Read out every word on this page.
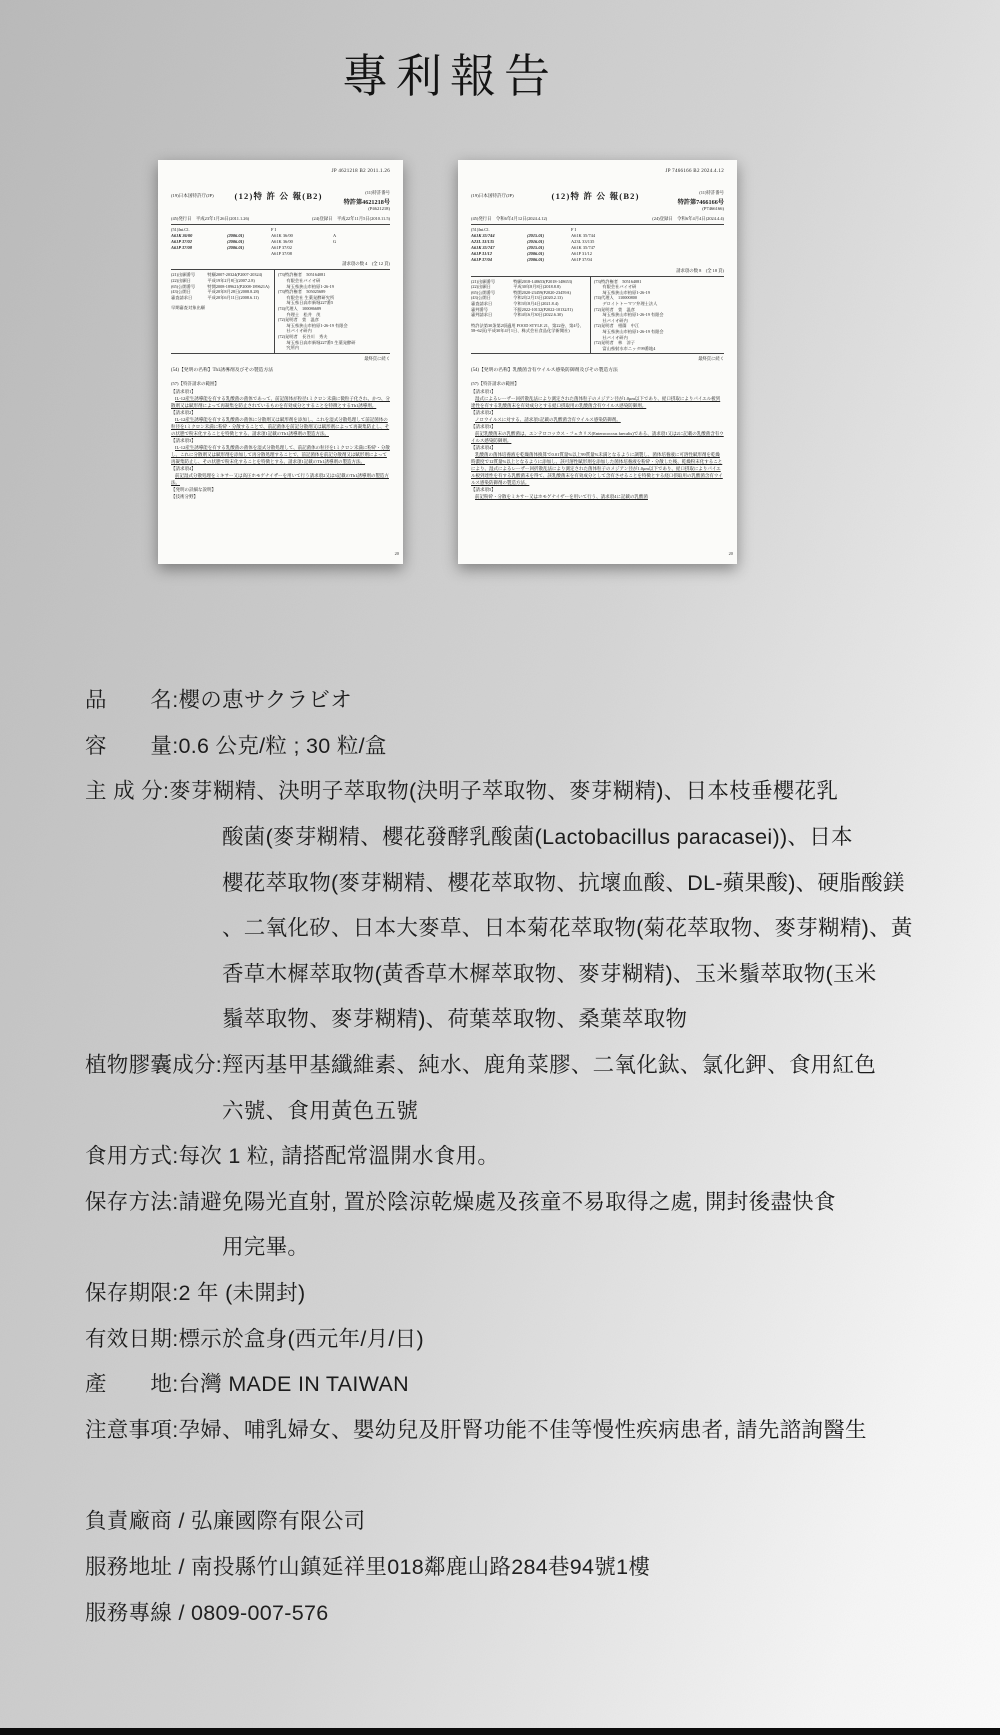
專利報告
JP 4621218 B2 2011.1.26
(19)日本国特許庁(JP) (12)特 許 公 報(B2)	(11)特許番号
特許第4621218号
(P4621218)
(45)発行日　平成23年1月26日(2011.1.26)	(24)登録日　平成22年11月5日(2010.11.5)
(51)Int.Cl.	F I
A61K 36/00	(2006.01)	A61K 36/00	A
A61P 37/02	(2006.01)	A61K 36/00	G
A61P 37/08	(2006.01)	A61P 37/02
A61P 37/08
請求項の数 4　(全 12 頁)
(21)出願番号	特願2007-20324(P2007-20324)
(22)出願日	平成19年2月8日(2007.2.8)
(65)公開番号	特開2008-189621(P2008-189621A)
(43)公開日	平成20年8月28日(2008.8.28)
審査請求日	平成20年6月11日(2008.6.11)
早期審査対象出願
(73)特許権者　505164081
　　有限会社バイオ研
　　埼玉県狭山市柏原1-26-19
(73)特許権者　505025689
　　有限会社 生薬発酵研究所
　　埼玉県日高市新堀227番5
(74)代理人　100086689
　　弁理士　松井　茂
(72)発明者　萱　温彦
　　埼玉県狭山市柏原1-26-19 有限会
　　社バイオ研内
(72)発明者　長谷川　秀夫
　　埼玉県日高市新堀227番5 生薬発酵研
　　究所内
最終頁に続く
(54)【発明の名称】Th1誘導剤及びその製造方法
(57)【特許請求の範囲】
【請求項1】
IL-12産生誘導能を有する乳酸菌の菌体であって、前記菌体が粒径1ミクロン未満に微粒子化され、かつ、分散剤又は賦形剤によって再凝集を防止されているものを有効成分とすることを特徴とするTh1誘導剤。
【請求項2】
IL-12産生誘導能を有する乳酸菌の菌体に分散剤又は賦形剤を添加し、これを湿式分散処理して前記菌体の粒径を1ミクロン未満に粉砕・分散することで、前記菌体を前記分散剤又は賦形剤によって再凝集防止し、その状態で粉末化することを特徴とする、請求項1記載のTh1誘導剤の製造方法。
【請求項3】
IL-12産生誘導能を有する乳酸菌の菌体を湿式分散処理して、前記菌体の粒径を1ミクロン未満に粉砕・分散し、これに分散剤又は賦形剤を添加して再分散処理することで、前記菌体を前記分散剤又は賦形剤によって再凝集防止し、その状態で粉末化することを特徴とする、請求項1記載のTh1誘導剤の製造方法。
【請求項4】
前記湿式分散処理をミキサー又は高圧ホモゲナイザーを用いて行う請求項2又は3記載のTh1誘導剤の製造方法。
【発明の詳細な説明】
【技術分野】
20
JP 7466166 B2 2024.4.12
(19)日本国特許庁(JP)	(12)特 許 公 報(B2)	(11)特許番号
特許第7466166号
(P7466166)
(45)発行日　令和6年4月12日(2024.4.12)	(24)登録日　令和6年4月4日(2024.4.4)
(51)Int.Cl.	F I
A61K 35/744	(2015.01)	A61K 35/744
A23L 33/135	(2016.01)	A23L 33/135
A61K 35/747	(2015.01)	A61K 35/747
A61P 31/12	(2006.01)	A61P 31/12
A61P 37/04	(2006.01)	A61P 37/04
請求項の数 8　(全 18 頁)
(21)出願番号	特願2018-148653(P2018-148653)
(22)出願日	平成30年8月8日(2018.8.8)
(65)公開番号	特開2020-23459(P2020-23459A)
(43)公開日	令和2年2月13日(2020.2.13)
審査請求日	令和3年8月4日(2021.8.4)
審判番号	不服2022-10132(P2022-10132/J1)
審判請求日	令和4年6月30日(2022.6.30)
特許法第30条第2項適用 FOOD STYLE 21、第22巻、第4号、58~62頁(平成30年4月1日、株式会社食品化学新聞社)
(73)特許権者　505164081
　　有限会社バイオ研
　　埼玉県狭山市柏原1-26-19
(74)代理人　110000800
　　デロイトトーマツ弁理士法人
(72)発明者　萱　温彦
　　埼玉県狭山市柏原1-26-19 有限会
　　社バイオ研内
(72)発明者　相薗　中江
　　埼玉県狭山市柏原1-26-19 有限会
　　社バイオ研内
(72)発明者　林　涼子
　　富山県射水市ニッタ99番地4
最終頁に続く
(54)【発明の名称】乳酸菌含有ウイルス感染防御剤及びその製造方法
(57)【特許請求の範囲】
【請求項1】
湿式によるレーザー回折散乱法により測定された菌体粒子のメジアン径が1.0μm以下であり、経口摂取によりパイエル板到達性を有する乳酸菌末を有効成分とする経口摂取用の乳酸菌含有ウイルス感染防御剤。
【請求項2】
ノロウイルスに対する、請求項1記載の乳酸菌含有ウイルス感染防御剤。
【請求項3】
前記乳酸菌末の乳酸菌は、エンテロコッカス・フェカリス(Enterococcus faecalis)である、請求項1又は2に記載の乳酸菌含有ウイルス感染防御剤。
【請求項4】
乳酸菌の菌体培養液を乾燥菌体換算で0.01質量%以上99質量%未満となるように調製し、菌体培養液に可溶性賦形剤を乾燥時濃度で12質量%以上となるように添加し、該可溶性賦形剤を添加した菌体培養液を粉砕・分散した後、乾燥粉末化することにより、湿式によるレーザー回折散乱法により測定された菌体粒子のメジアン径が1.0μm以下であり、経口摂取によりパイエル板到達性を有する乳酸菌末を得て、該乳酸菌末を有効成分として含有させることを特徴とする経口摂取用の乳酸菌含有ウイルス感染防御剤の製造方法。
【請求項5】
前記粉砕・分散をミキサー又はホモゲナイザーを用いて行う、請求項4に記載の乳酸菌
20
品　　名:櫻の恵サクラビオ
容　　量:0.6 公克/粒 ; 30 粒/盒
主 成 分:麥芽糊精、決明子萃取物(決明子萃取物、麥芽糊精)、日本枝垂櫻花乳
酸菌(麥芽糊精、櫻花發酵乳酸菌(Lactobacillus paracasei))、日本
櫻花萃取物(麥芽糊精、櫻花萃取物、抗壞血酸、DL-蘋果酸)、硬脂酸鎂
、二氧化矽、日本大麥草、日本菊花萃取物(菊花萃取物、麥芽糊精)、黃
香草木樨萃取物(黃香草木樨萃取物、麥芽糊精)、玉米鬚萃取物(玉米
鬚萃取物、麥芽糊精)、荷葉萃取物、桑葉萃取物
植物膠囊成分:羥丙基甲基纖維素、純水、鹿角菜膠、二氧化鈦、氯化鉀、食用紅色
六號、食用黃色五號
食用方式:每次 1 粒, 請搭配常溫開水食用。
保存方法:請避免陽光直射, 置於陰涼乾燥處及孩童不易取得之處, 開封後盡快食
用完畢。
保存期限:2 年 (未開封)
有效日期:標示於盒身(西元年/月/日)
產　　地:台灣 MADE IN TAIWAN
注意事項:孕婦、哺乳婦女、嬰幼兒及肝腎功能不佳等慢性疾病患者, 請先諮詢醫生
負責廠商 / 弘廉國際有限公司
服務地址 / 南投縣竹山鎮延祥里018鄰鹿山路284巷94號1樓
服務專線 / 0809-007-576
